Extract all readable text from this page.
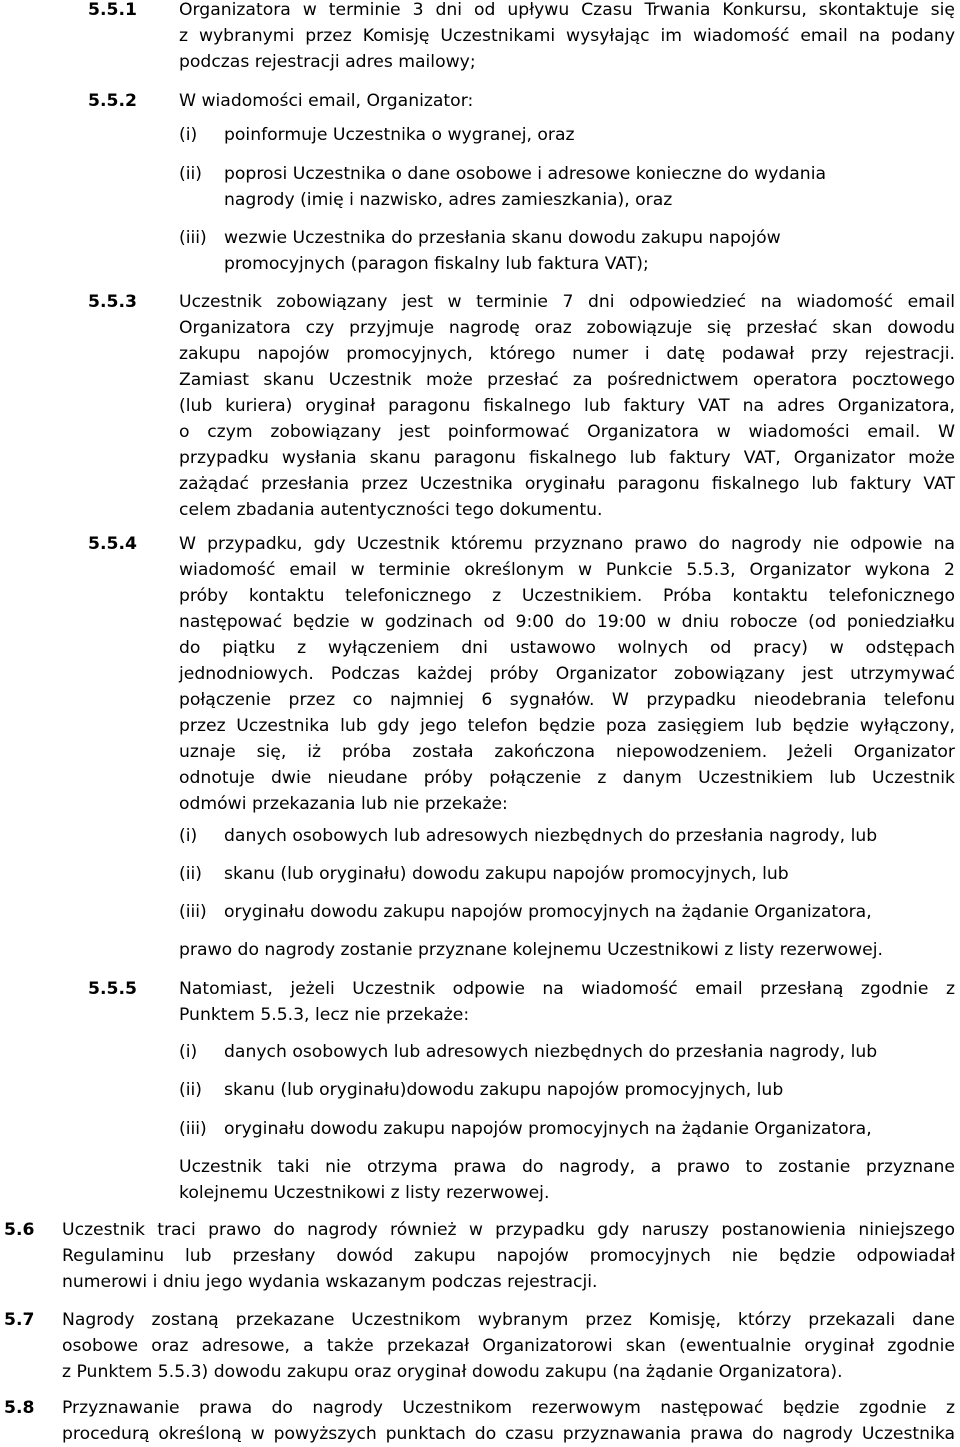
5.5.1 Organizatora w terminie 3 dni od upływu Czasu Trwania Konkursu, skontaktuje się
z wybranymi przez Komisję Uczestnikami wysyłając im wiadomość email na podany
podczas rejestracji adres mailowy;
5.5.2 W wiadomości email, Organizator:
(i) poinformuje Uczestnika o wygranej, oraz
(ii) poprosi Uczestnika o dane osobowe i adresowe konieczne do wydania
nagrody (imię i nazwisko, adres zamieszkania), oraz
(iii) wezwie Uczestnika do przesłania skanu dowodu zakupu napojów
promocyjnych (paragon fiskalny lub faktura VAT);
5.5.3 Uczestnik zobowiązany jest w terminie 7 dni odpowiedzieć na wiadomość email
Organizatora czy przyjmuje nagrodę oraz zobowiązuje się przesłać skan dowodu
zakupu napojów promocyjnych, którego numer i datę podawał przy rejestracji.
Zamiast skanu Uczestnik może przesłać za pośrednictwem operatora pocztowego
(lub kuriera) oryginał paragonu fiskalnego lub faktury VAT na adres Organizatora,
o czym zobowiązany jest poinformować Organizatora w wiadomości email. W
przypadku wysłania skanu paragonu fiskalnego lub faktury VAT, Organizator może
zażądać przesłania przez Uczestnika oryginału paragonu fiskalnego lub faktury VAT
celem zbadania autentyczności tego dokumentu.
5.5.4 W przypadku, gdy Uczestnik któremu przyznano prawo do nagrody nie odpowie na
wiadomość email w terminie określonym w Punkcie 5.5.3, Organizator wykona 2
próby kontaktu telefonicznego z Uczestnikiem. Próba kontaktu telefonicznego
następować będzie w godzinach od 9:00 do 19:00 w dniu robocze (od poniedziałku
do piątku z wyłączeniem dni ustawowo wolnych od pracy) w odstępach
jednodniowych. Podczas każdej próby Organizator zobowiązany jest utrzymywać
połączenie przez co najmniej 6 sygnałów. W przypadku nieodebrania telefonu
przez Uczestnika lub gdy jego telefon będzie poza zasięgiem lub będzie wyłączony,
uznaje się, iż próba została zakończona niepowodzeniem. Jeżeli Organizator
odnotuje dwie nieudane próby połączenie z danym Uczestnikiem lub Uczestnik
odmówi przekazania lub nie przekaże:
(i) danych osobowych lub adresowych niezbędnych do przesłania nagrody, lub
(ii) skanu (lub oryginału) dowodu zakupu napojów promocyjnych, lub
(iii) oryginału dowodu zakupu napojów promocyjnych na żądanie Organizatora,
prawo do nagrody zostanie przyznane kolejnemu Uczestnikowi z listy rezerwowej.
5.5.5 Natomiast, jeżeli Uczestnik odpowie na wiadomość email przesłaną zgodnie z
Punktem 5.5.3, lecz nie przekaże:
(i) danych osobowych lub adresowych niezbędnych do przesłania nagrody, lub
(ii) skanu (lub oryginału)dowodu zakupu napojów promocyjnych, lub
(iii) oryginału dowodu zakupu napojów promocyjnych na żądanie Organizatora,
Uczestnik taki nie otrzyma prawa do nagrody, a prawo to zostanie przyznane
kolejnemu Uczestnikowi z listy rezerwowej.
5.6 Uczestnik traci prawo do nagrody również w przypadku gdy naruszy postanowienia niniejszego
Regulaminu lub przesłany dowód zakupu napojów promocyjnych nie będzie odpowiadał
numerowi i dniu jego wydania wskazanym podczas rejestracji.
5.7 Nagrody zostaną przekazane Uczestnikom wybranym przez Komisję, którzy przekazali dane
osobowe oraz adresowe, a także przekazał Organizatorowi skan (ewentualnie oryginał zgodnie
z Punktem 5.5.3) dowodu zakupu oraz oryginał dowodu zakupu (na żądanie Organizatora).
5.8 Przyznawanie prawa do nagrody Uczestnikom rezerwowym następować będzie zgodnie z
procedurą określoną w powyższych punktach do czasu przyznawania prawa do nagrody Uczestnika
